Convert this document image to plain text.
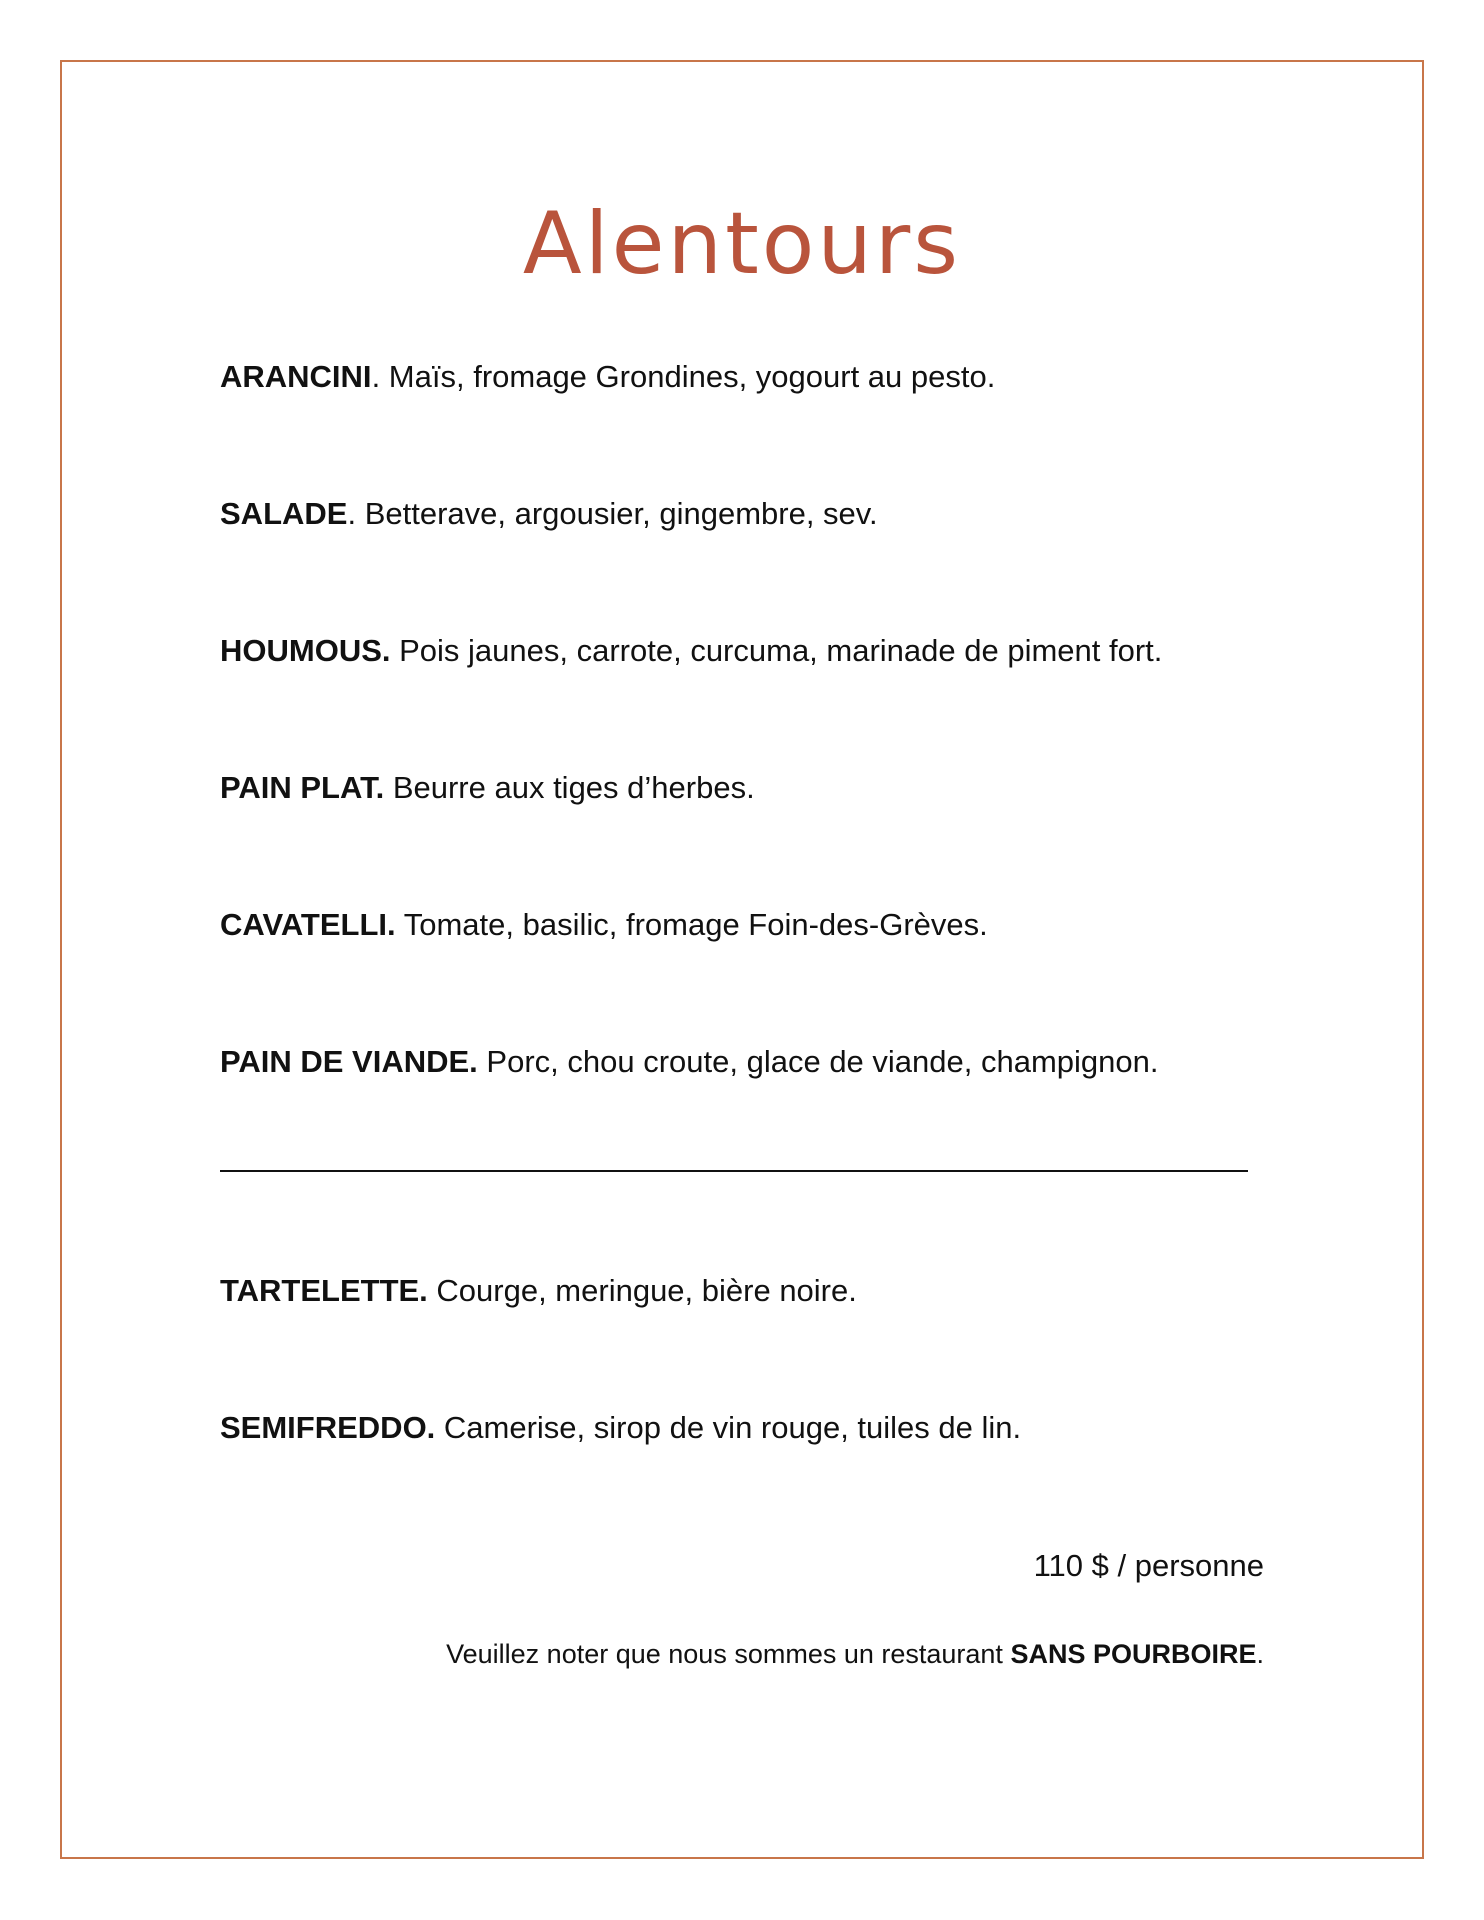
Alentours

ARANCINI. Maïs, fromage Grondines, yogourt au pesto.

SALADE. Betterave, argousier, gingembre, sev.

HOUMOUS. Pois jaunes, carrote, curcuma, marinade de piment fort.

PAIN PLAT. Beurre aux tiges d’herbes.

CAVATELLI. Tomate, basilic, fromage Foin-des-Grèves.

PAIN DE VIANDE. Porc, chou croute, glace de viande, champignon.

TARTELETTE. Courge, meringue, bière noire.

SEMIFREDDO. Camerise, sirop de vin rouge, tuiles de lin.

110 $ / personne

Veuillez noter que nous sommes un restaurant SANS POURBOIRE.
